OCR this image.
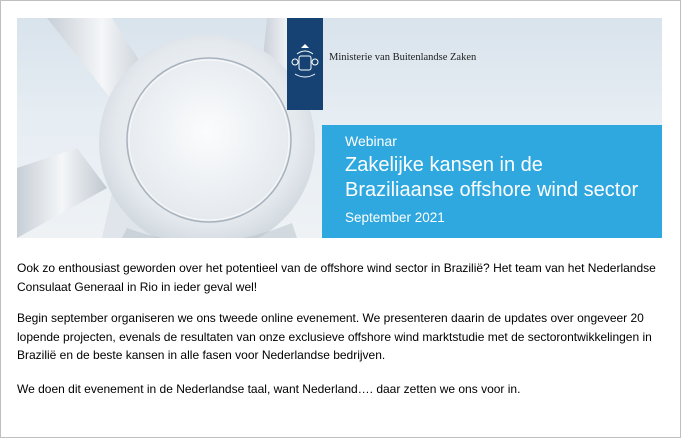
Ministerie van Buitenlandse Zaken
Webinar
Zakelijke kansen in de
Braziliaanse offshore wind sector
September 2021
Ook zo enthousiast geworden over het potentieel van de offshore wind sector in Brazilië? Het team van het Nederlandse Consulaat Generaal in Rio in ieder geval wel!
Begin september organiseren we ons tweede online evenement. We presenteren daarin de updates over ongeveer 20 lopende projecten, evenals de resultaten van onze exclusieve offshore wind marktstudie met de sectorontwikkelingen in Brazilië en de beste kansen in alle fasen voor Nederlandse bedrijven.
We doen dit evenement in de Nederlandse taal, want Nederland…. daar zetten we ons voor in.
